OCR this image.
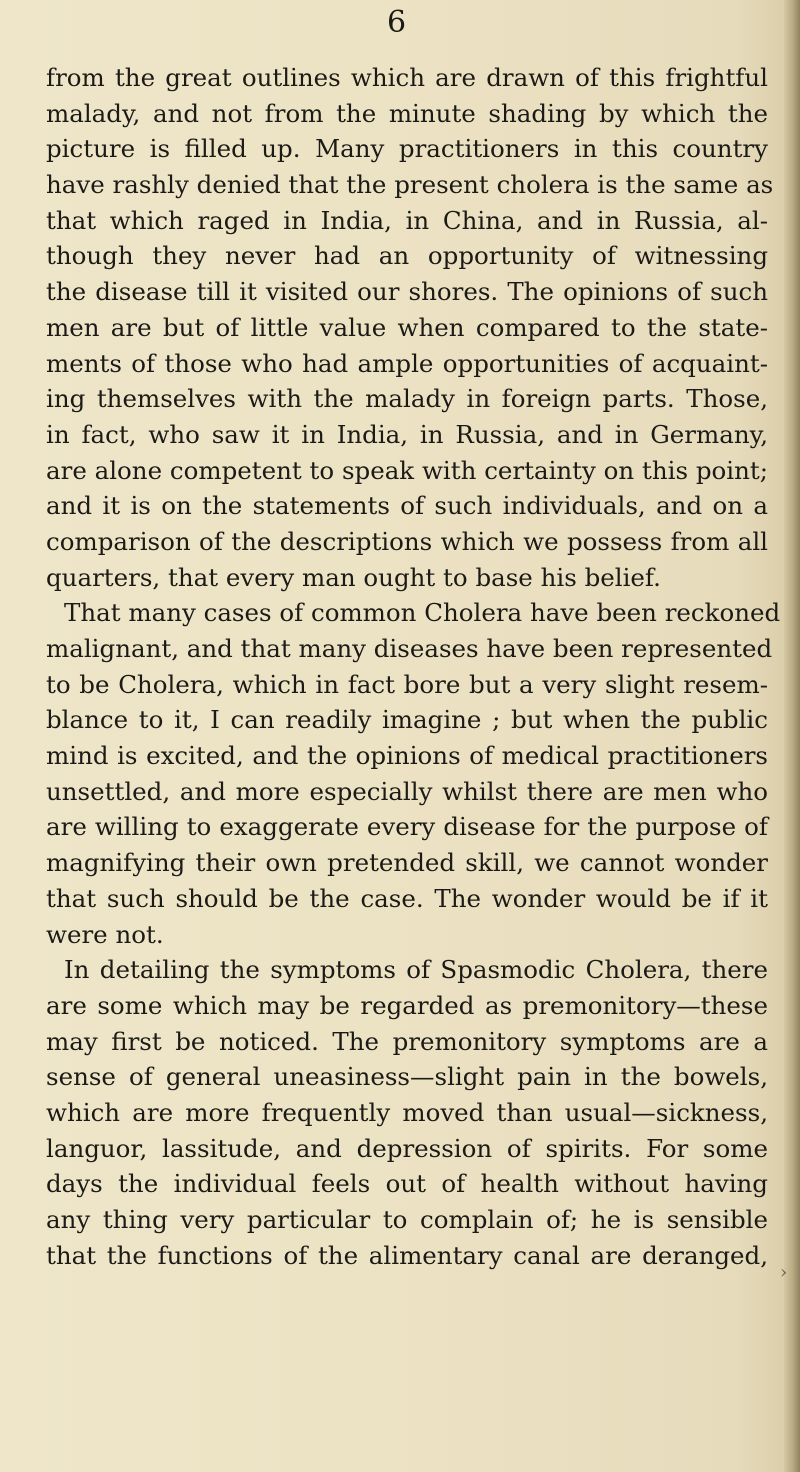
6
from the great outlines which are drawn of this frightful
malady, and not from the minute shading by which the
picture is filled up. Many practitioners in this country
have rashly denied that the present cholera is the same as
that which raged in India, in China, and in Russia, al-
though they never had an opportunity of witnessing
the disease till it visited our shores. The opinions of such
men are but of little value when compared to the state-
ments of those who had ample opportunities of acquaint-
ing themselves with the malady in foreign parts. Those,
in fact, who saw it in India, in Russia, and in Germany,
are alone competent to speak with certainty on this point;
and it is on the statements of such individuals, and on a
comparison of the descriptions which we possess from all
quarters, that every man ought to base his belief.
That many cases of common Cholera have been reckoned
malignant, and that many diseases have been represented
to be Cholera, which in fact bore but a very slight resem-
blance to it, I can readily imagine ; but when the public
mind is excited, and the opinions of medical practitioners
unsettled, and more especially whilst there are men who
are willing to exaggerate every disease for the purpose of
magnifying their own pretended skill, we cannot wonder
that such should be the case. The wonder would be if it
were not.
In detailing the symptoms of Spasmodic Cholera, there
are some which may be regarded as premonitory—these
may first be noticed. The premonitory symptoms are a
sense of general uneasiness—slight pain in the bowels,
which are more frequently moved than usual—sickness,
languor, lassitude, and depression of spirits. For some
days the individual feels out of health without having
any thing very particular to complain of; he is sensible
that the functions of the alimentary canal are deranged,
›
